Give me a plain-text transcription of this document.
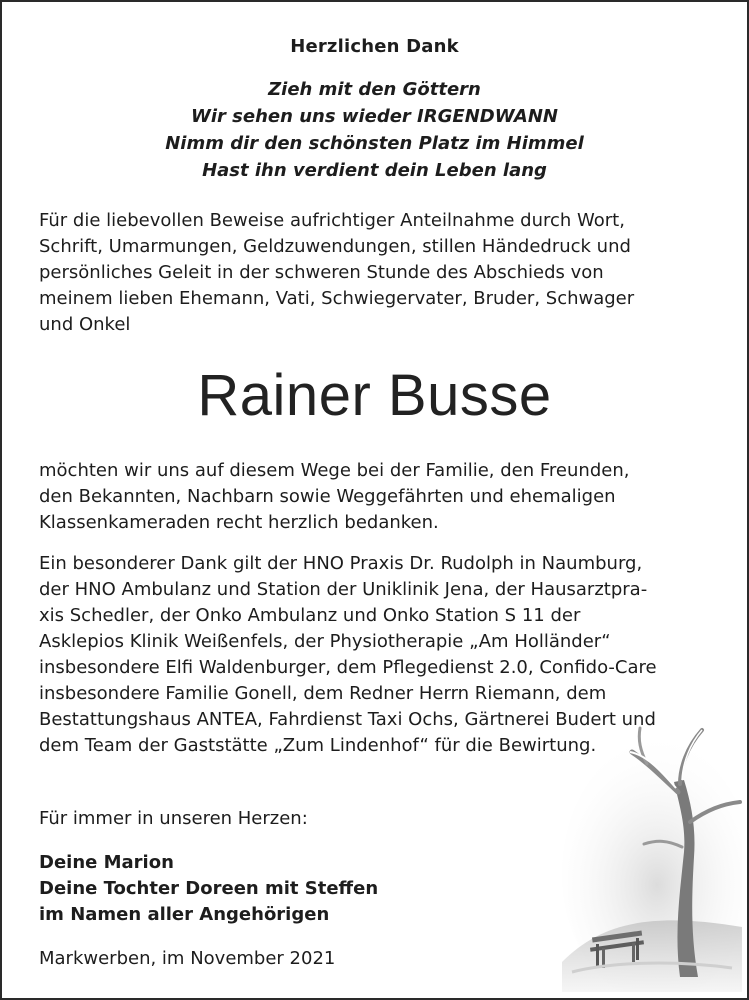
Herzlichen Dank
Zieh mit den Göttern
Wir sehen uns wieder IRGENDWANN
Nimm dir den schönsten Platz im Himmel
Hast ihn verdient dein Leben lang
Für die liebevollen Beweise aufrichtiger Anteilnahme durch Wort,
Schrift, Umarmungen, Geldzuwendungen, stillen Händedruck und
persönliches Geleit in der schweren Stunde des Abschieds von
meinem lieben Ehemann, Vati, Schwiegervater, Bruder, Schwager
und Onkel
Rainer Busse
möchten wir uns auf diesem Wege bei der Familie, den Freunden,
den Bekannten, Nachbarn sowie Weggefährten und ehemaligen
Klassenkameraden recht herzlich bedanken.
Ein besonderer Dank gilt der HNO Praxis Dr. Rudolph in Naumburg,
der HNO Ambulanz und Station der Uniklinik Jena, der Hausarztpra-
xis Schedler, der Onko Ambulanz und Onko Station S 11 der
Asklepios Klinik Weißenfels, der Physiotherapie „Am Holländer“
insbesondere Elfi Waldenburger, dem Pflegedienst 2.0, Confido-Care
insbesondere Familie Gonell, dem Redner Herrn Riemann, dem
Bestattungshaus ANTEA, Fahrdienst Taxi Ochs, Gärtnerei Budert und
dem Team der Gaststätte „Zum Lindenhof“ für die Bewirtung.
Für immer in unseren Herzen:
Deine Marion
Deine Tochter Doreen mit Steffen
im Namen aller Angehörigen
Markwerben, im November 2021
